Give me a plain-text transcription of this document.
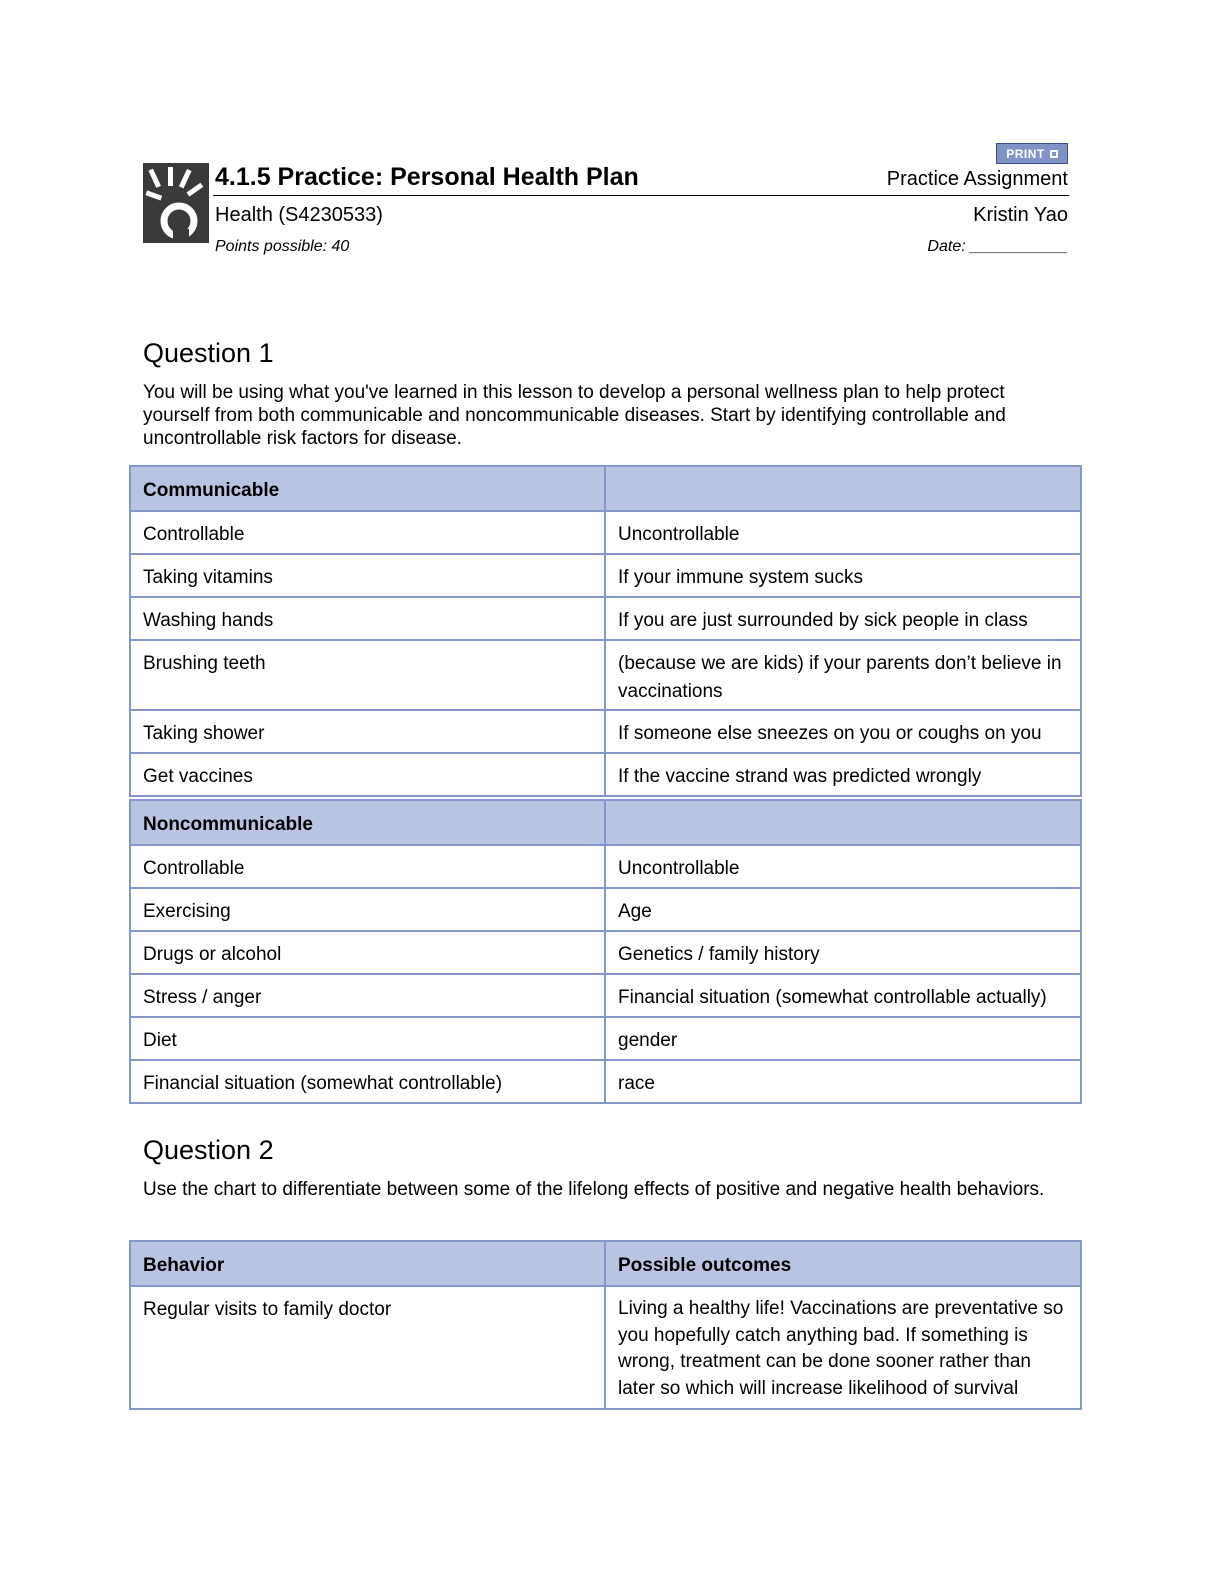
PRINT
4.1.5 Practice: Personal Health Plan	Practice Assignment
Health (S4230533)	Kristin Yao
Points possible: 40	Date: ___________
Question 1
You will be using what you've learned in this lesson to develop a personal wellness plan to help protect yourself from both communicable and noncommunicable diseases. Start by identifying controllable and uncontrollable risk factors for disease.
Communicable	
Controllable	Uncontrollable
Taking vitamins	If your immune system sucks
Washing hands	If you are just surrounded by sick people in class
Brushing teeth	(because we are kids) if your parents don’t believe in vaccinations
Taking shower	If someone else sneezes on you or coughs on you
Get vaccines	If the vaccine strand was predicted wrongly
Noncommunicable	
Controllable	Uncontrollable
Exercising	Age
Drugs or alcohol	Genetics / family history
Stress / anger	Financial situation (somewhat controllable actually)
Diet	gender
Financial situation (somewhat controllable)	race
Question 2
Use the chart to differentiate between some of the lifelong effects of positive and negative health behaviors.
Behavior	Possible outcomes
Regular visits to family doctor	Living a healthy life! Vaccinations are preventative so you hopefully catch anything bad. If something is wrong, treatment can be done sooner rather than later so which will increase likelihood of survival
